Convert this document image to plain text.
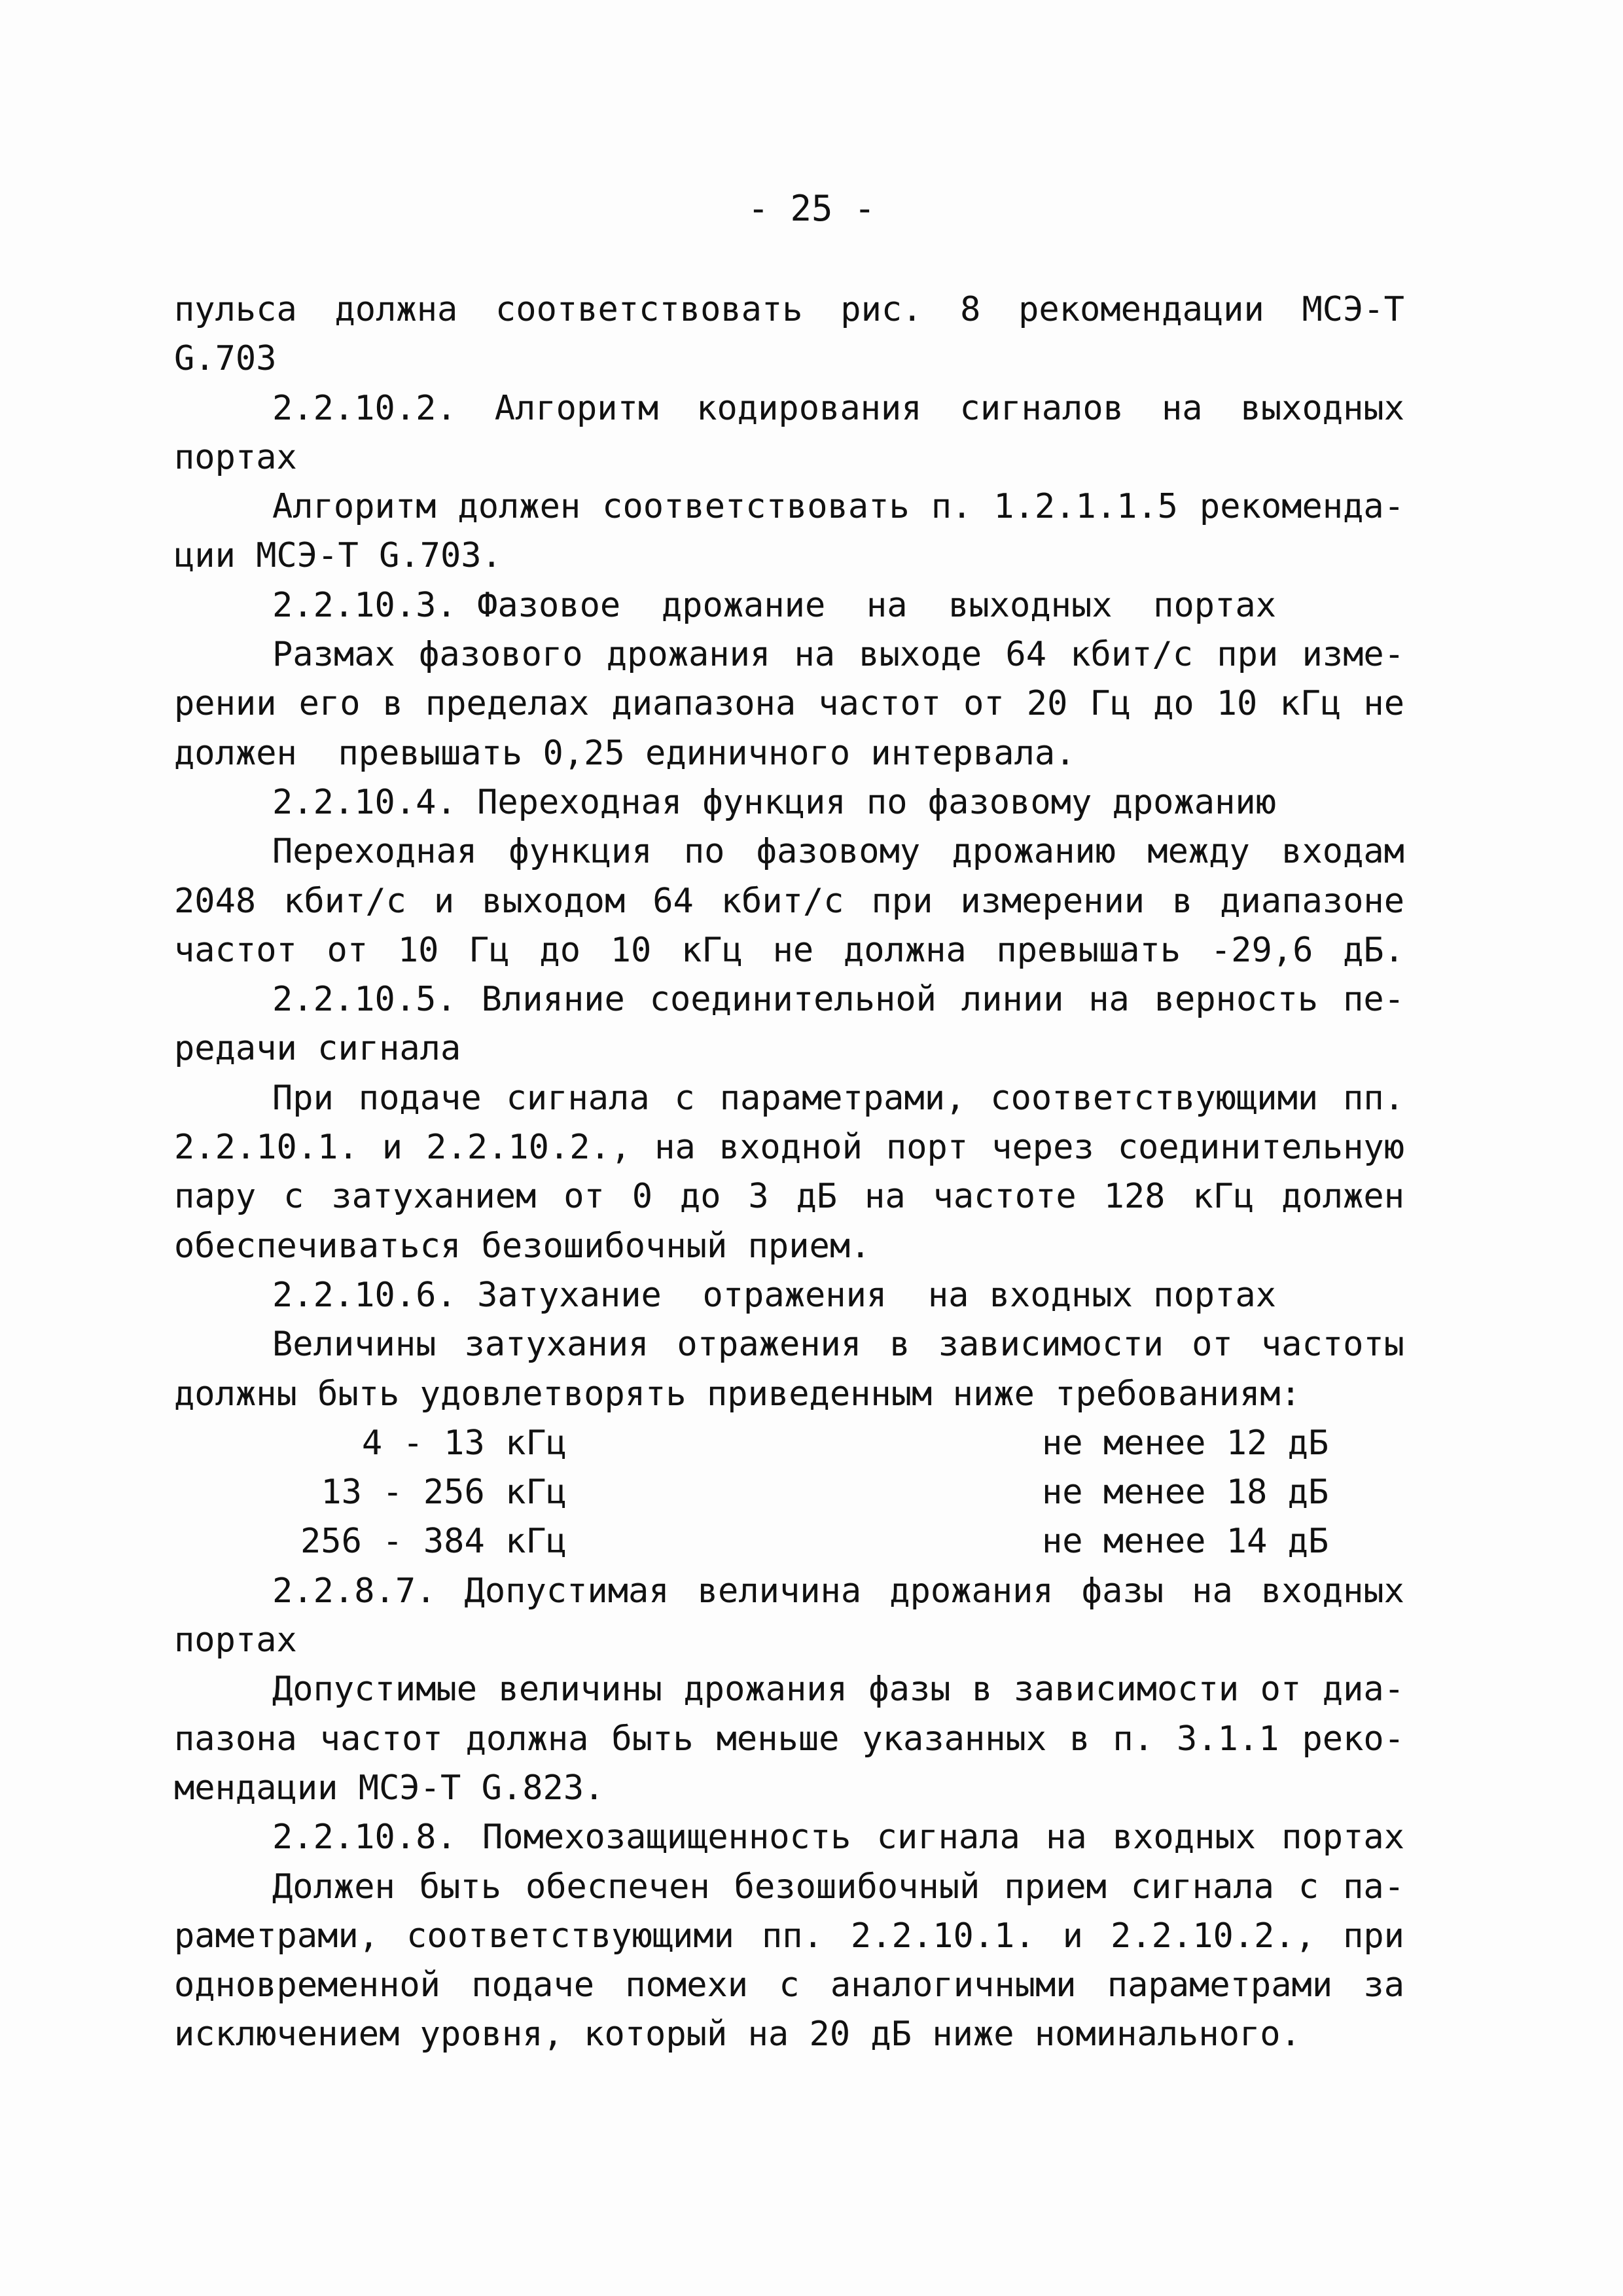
- 25 -
пульса должна соответствовать рис. 8 рекомендации МСЭ-Т
G.703
2.2.10.2. Алгоритм кодирования сигналов на выходных
портах
Алгоритм должен соответствовать п. 1.2.1.1.5 рекоменда-
ции МСЭ-Т G.703.
2.2.10.3. Фазовое  дрожание  на  выходных  портах
Размах фазового дрожания на выходе 64 кбит/с при изме-
рении его в пределах диапазона частот от 20 Гц до 10 кГц не
должен  превышать 0,25 единичного интервала.
2.2.10.4. Переходная функция по фазовому дрожанию
Переходная функция по фазовому дрожанию между входам
2048 кбит/с и выходом 64 кбит/с при измерении в диапазоне
частот от 10 Гц до 10 кГц не должна превышать -29,6 дБ.
2.2.10.5. Влияние соединительной линии на верность пе-
редачи сигнала
При подаче сигнала с параметрами, соответствующими пп.
2.2.10.1. и 2.2.10.2., на входной порт через соединительную
пару с затуханием от 0 до 3 дБ на частоте 128 кГц должен
обеспечиваться безошибочный прием.
2.2.10.6. Затухание  отражения  на входных портах
Величины затухания отражения в зависимости от частоты
должны быть удовлетворять приведенным ниже требованиям:
4 - 13 кГц	не менее 12 дБ
13 - 256 кГц	не менее 18 дБ
256 - 384 кГц	не менее 14 дБ
2.2.8.7. Допустимая величина дрожания фазы на входных
портах
Допустимые величины дрожания фазы в зависимости от диа-
пазона частот должна быть меньше указанных в п. 3.1.1 реко-
мендации МСЭ-Т G.823.
2.2.10.8. Помехозащищенность сигнала на входных портах
Должен быть обеспечен безошибочный прием сигнала с па-
раметрами, соответствующими пп. 2.2.10.1. и 2.2.10.2., при
одновременной подаче помехи с аналогичными параметрами за
исключением уровня, который на 20 дБ ниже номинального.
